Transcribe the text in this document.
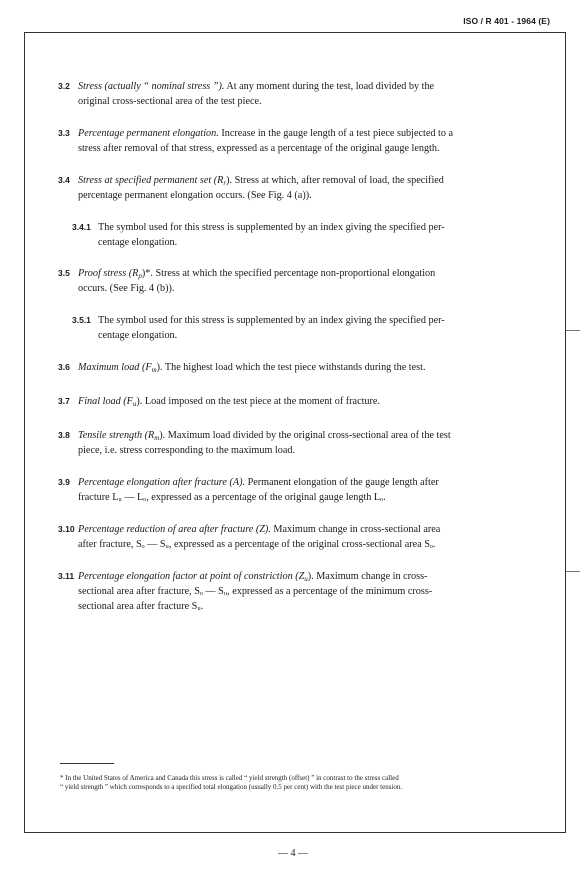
ISO / R 401 - 1964 (E)
3.2 Stress (actually “ nominal stress ”). At any moment during the test, load divided by the
original cross-sectional area of the test piece.
3.3 Percentage permanent elongation. Increase in the gauge length of a test piece subjected to a
stress after removal of that stress, expressed as a percentage of the original gauge length.
3.4 Stress at specified permanent set $(R_r)$. Stress at which, after removal of load, the specified
percentage permanent elongation occurs. (See Fig. 4 (a)).
3.4.1 The symbol used for this stress is supplemented by an index giving the specified per-
centage elongation.
3.5 Proof stress $(R_p)*$. Stress at which the specified percentage non-proportional elongation
occurs. (See Fig. 4 (b)).
3.5.1 The symbol used for this stress is supplemented by an index giving the specified per-
centage elongation.
3.6 Maximum load $(F_m)$. The highest load which the test piece withstands during the test.
3.7 Final load $(F_u)$. Load imposed on the test piece at the moment of fracture.
3.8 Tensile strength $(R_m)$. Maximum load divided by the original cross-sectional area of the test
piece, i.e. stress corresponding to the maximum load.
3.9 Percentage elongation after fracture (A). Permanent elongation of the gauge length after
fracture Lᵤ — Lₒ, expressed as a percentage of the original gauge length Lₒ.
3.10 Percentage reduction of area after fracture (Z). Maximum change in cross-sectional area
after fracture, Sₒ — Sᵤ, expressed as a percentage of the original cross-sectional area Sₒ.
3.11 Percentage elongation factor at point of constriction $(Z_u)$. Maximum change in cross-
sectional area after fracture, Sₒ — Sᵤ, expressed as a percentage of the minimum cross-
sectional area after fracture Sᵤ.
* In the United States of America and Canada this stress is called “ yield strength (offset) ” in contrast to the stress called
“ yield strength ” which corresponds to a specified total elongation (usually 0.5 per cent) with the test piece under tension.
— 4 —
